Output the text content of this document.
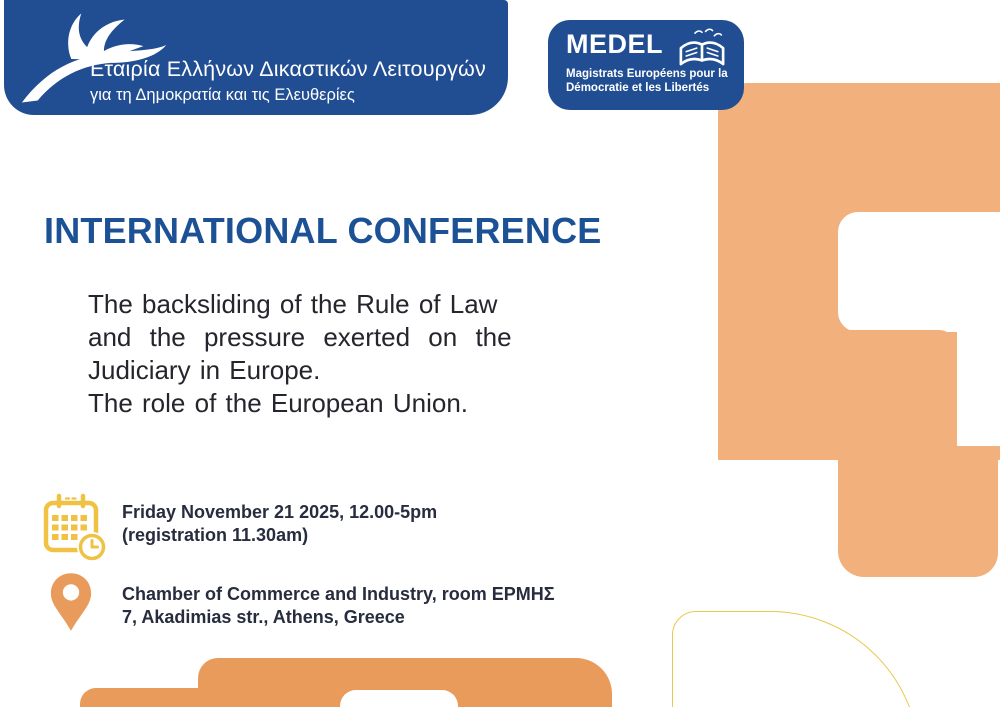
Εταιρία Ελλήνων Δικαστικών Λειτουργών
για τη Δημοκρατία και τις Ελευθερίες
MEDEL
Magistrats Européens pour la
Démocratie et les Libertés
INTERNATIONAL CONFERENCE
The backsliding of the Rule of Law
and the pressure exerted on the
Judiciary in Europe.
The role of the European Union.
Friday November 21 2025, 12.00-5pm
(registration 11.30am)
Chamber of Commerce and Industry, room ΕΡΜΗΣ
7, Akadimias str., Athens, Greece
